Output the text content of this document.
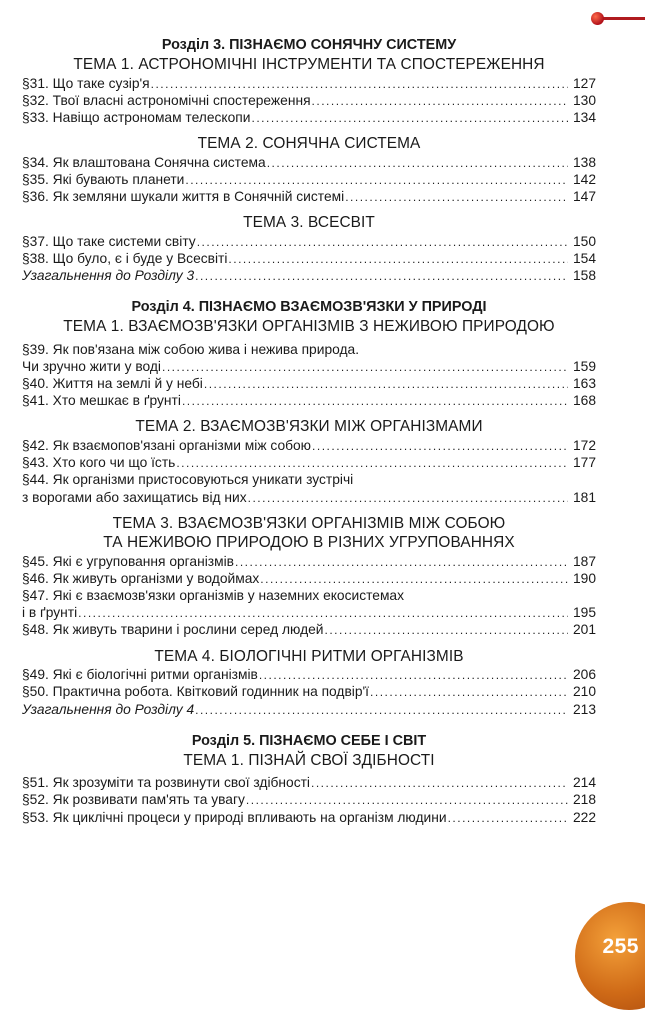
Розділ 3. ПІЗНАЄМО СОНЯЧНУ СИСТЕМУ
ТЕМА 1. АСТРОНОМІЧНІ ІНСТРУМЕНТИ ТА СПОСТЕРЕЖЕННЯ
§31. Що таке сузір'я .....	127
§32. Твої власні астрономічні спостереження .....	130
§33. Навіщо астрономам телескопи .....	134
ТЕМА 2. СОНЯЧНА СИСТЕМА
§34. Як влаштована Сонячна система .....	138
§35. Які бувають планети .....	142
§36. Як земляни шукали життя в Сонячній системі .....	147
ТЕМА 3. ВСЕСВІТ
§37. Що таке системи світу .....	150
§38. Що було, є і буде у Всесвіті .....	154
Узагальнення до Розділу 3 .....	158
Розділ 4. ПІЗНАЄМО ВЗАЄМОЗВ'ЯЗКИ У ПРИРОДІ
ТЕМА 1. ВЗАЄМОЗВ'ЯЗКИ ОРГАНІЗМІВ З НЕЖИВОЮ ПРИРОДОЮ
§39. Як пов'язана між собою жива і нежива природа.
Чи зручно жити у воді .....	159
§40. Життя на землі й у небі .....	163
§41. Хто мешкає в ґрунті .....	168
ТЕМА 2. ВЗАЄМОЗВ'ЯЗКИ МІЖ ОРГАНІЗМАМИ
§42. Як взаємопов'язані організми між собою .....	172
§43. Хто кого чи що їсть .....	177
§44. Як організми пристосовуються уникати зустрічі
з ворогами або захищатись від них .....	181
ТЕМА 3. ВЗАЄМОЗВ'ЯЗКИ ОРГАНІЗМІВ МІЖ СОБОЮ
ТА НЕЖИВОЮ ПРИРОДОЮ В РІЗНИХ УГРУПОВАННЯХ
§45. Які є угруповання організмів .....	187
§46. Як живуть організми у водоймах .....	190
§47. Які є взаємозв'язки організмів у наземних екосистемах
і в ґрунті .....	195
§48. Як живуть тварини і рослини серед людей .....	201
ТЕМА 4. БІОЛОГІЧНІ РИТМИ ОРГАНІЗМІВ
§49. Які є біологічні ритми організмів .....	206
§50. Практична робота. Квітковий годинник на подвір'ї .....	210
Узагальнення до Розділу 4 .....	213
Розділ 5. ПІЗНАЄМО СЕБЕ І СВІТ
ТЕМА 1. ПІЗНАЙ СВОЇ ЗДІБНОСТІ
§51. Як зрозуміти та розвинути свої здібності .....	214
§52. Як розвивати пам'ять та увагу .....	218
§53. Як циклічні процеси у природі впливають на організм людини .....	222
255
